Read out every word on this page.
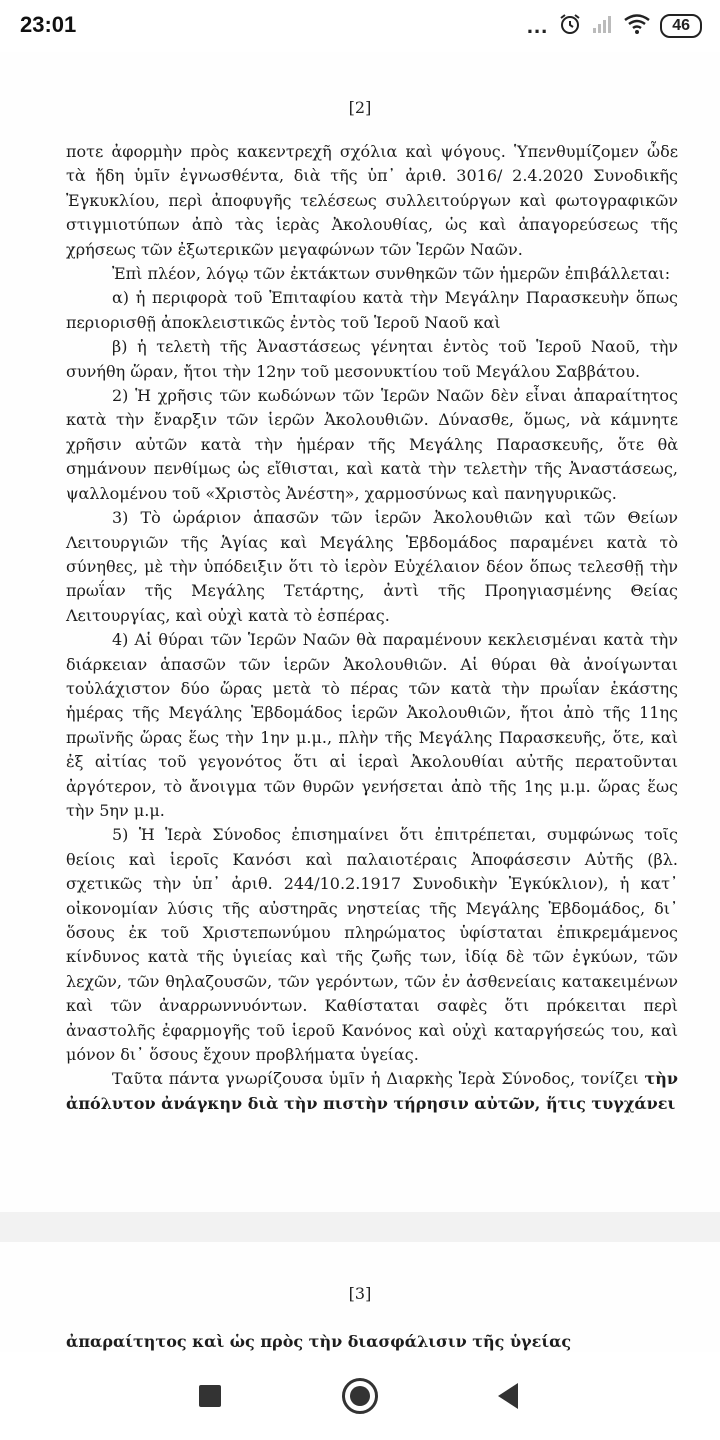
23:01	...	46
[2]

ποτε ἀφορμὴν πρὸς κακεντρεχῆ σχόλια καὶ ψόγους. Ὑπενθυμίζομεν ὧδε τὰ ἤδη ὑμῖν ἐγνωσθέντα, διὰ τῆς ὑπ᾽ ἀριθ. 3016/ 2.4.2020 Συνοδικῆς Ἐγκυκλίου, περὶ ἀποφυγῆς τελέσεως συλλειτούργων καὶ φωτογραφικῶν στιγμιοτύπων ἀπὸ τὰς ἱερὰς Ἀκολουθίας, ὡς καὶ ἀπαγορεύσεως τῆς χρήσεως τῶν ἐξωτερικῶν μεγαφώνων τῶν Ἱερῶν Ναῶν.

Ἐπὶ πλέον, λόγῳ τῶν ἐκτάκτων συνθηκῶν τῶν ἡμερῶν ἐπιβάλλεται:

α) ἡ περιφορὰ τοῦ Ἐπιταφίου κατὰ τὴν Μεγάλην Παρασκευὴν ὅπως περιορισθῇ ἀποκλειστικῶς ἐντὸς τοῦ Ἱεροῦ Ναοῦ καὶ

β) ἡ τελετὴ τῆς Ἀναστάσεως γένηται ἐντὸς τοῦ Ἱεροῦ Ναοῦ, τὴν συνήθη ὥραν, ἤτοι τὴν 12ην τοῦ μεσονυκτίου τοῦ Μεγάλου Σαββάτου.

2) Ἡ χρῆσις τῶν κωδώνων τῶν Ἱερῶν Ναῶν δὲν εἶναι ἀπαραίτητος κατὰ τὴν ἔναρξιν τῶν ἱερῶν Ἀκολουθιῶν. Δύνασθε, ὅμως, νὰ κάμνητε χρῆσιν αὐτῶν κατὰ τὴν ἡμέραν τῆς Μεγάλης Παρασκευῆς, ὅτε θὰ σημάνουν πενθίμως ὡς εἴθισται, καὶ κατὰ τὴν τελετὴν τῆς Ἀναστάσεως, ψαλλομένου τοῦ «Χριστὸς Ἀνέστη», χαρμοσύνως καὶ πανηγυρικῶς.

3) Τὸ ὡράριον ἁπασῶν τῶν ἱερῶν Ἀκολουθιῶν καὶ τῶν Θείων Λειτουργιῶν τῆς Ἁγίας καὶ Μεγάλης Ἑβδομάδος παραμένει κατὰ τὸ σύνηθες, μὲ τὴν ὑπόδειξιν ὅτι τὸ ἱερὸν Εὐχέλαιον δέον ὅπως τελεσθῇ τὴν πρωΐαν τῆς Μεγάλης Τετάρτης, ἀντὶ τῆς Προηγιασμένης Θείας Λειτουργίας, καὶ οὐχὶ κατὰ τὸ ἑσπέρας.

4) Αἱ θύραι τῶν Ἱερῶν Ναῶν θὰ παραμένουν κεκλεισμέναι κατὰ τὴν διάρκειαν ἁπασῶν τῶν ἱερῶν Ἀκολουθιῶν. Αἱ θύραι θὰ ἀνοίγωνται τοὐλάχιστον δύο ὥρας μετὰ τὸ πέρας τῶν κατὰ τὴν πρωΐαν ἑκάστης ἡμέρας τῆς Μεγάλης Ἑβδομάδος ἱερῶν Ἀκολουθιῶν, ἤτοι ἀπὸ τῆς 11ης πρωϊνῆς ὥρας ἕως τὴν 1ην μ.μ., πλὴν τῆς Μεγάλης Παρασκευῆς, ὅτε, καὶ ἐξ αἰτίας τοῦ γεγονότος ὅτι αἱ ἱεραὶ Ἀκολουθίαι αὐτῆς περατοῦνται ἀργότερον, τὸ ἄνοιγμα τῶν θυρῶν γενήσεται ἀπὸ τῆς 1ης μ.μ. ὥρας ἕως τὴν 5ην μ.μ.

5) Ἡ Ἱερὰ Σύνοδος ἐπισημαίνει ὅτι ἐπιτρέπεται, συμφώνως τοῖς θείοις καὶ ἱεροῖς Κανόσι καὶ παλαιοτέραις Ἀποφάσεσιν Αὐτῆς (βλ. σχετικῶς τὴν ὑπ᾽ ἀριθ. 244/10.2.1917 Συνοδικὴν Ἐγκύκλιον), ἡ κατ᾽ οἰκονομίαν λύσις τῆς αὐστηρᾶς νηστείας τῆς Μεγάλης Ἑβδομάδος, δι᾽ ὅσους ἐκ τοῦ Χριστεπωνύμου πληρώματος ὑφίσταται ἐπικρεμάμενος κίνδυνος κατὰ τῆς ὑγιείας καὶ τῆς ζωῆς των, ἰδίᾳ δὲ τῶν ἐγκύων, τῶν λεχῶν, τῶν θηλαζουσῶν, τῶν γερόντων, τῶν ἐν ἀσθενείαις κατακειμένων καὶ τῶν ἀναρρωννυόντων. Καθίσταται σαφὲς ὅτι πρόκειται περὶ ἀναστολῆς ἐφαρμογῆς τοῦ ἱεροῦ Κανόνος καὶ οὐχὶ καταργήσεώς του, καὶ μόνον δι᾽ ὅσους ἔχουν προβλήματα ὑγείας.

Ταῦτα πάντα γνωρίζουσα ὑμῖν ἡ Διαρκὴς Ἱερὰ Σύνοδος, τονίζει τὴν ἀπόλυτον ἀνάγκην διὰ τὴν πιστὴν τήρησιν αὐτῶν, ἥτις τυγχάνει

[3]
ἀπαραίτητος καὶ ὡς πρὸς τὴν διασφάλισιν τῆς ὑγείας
